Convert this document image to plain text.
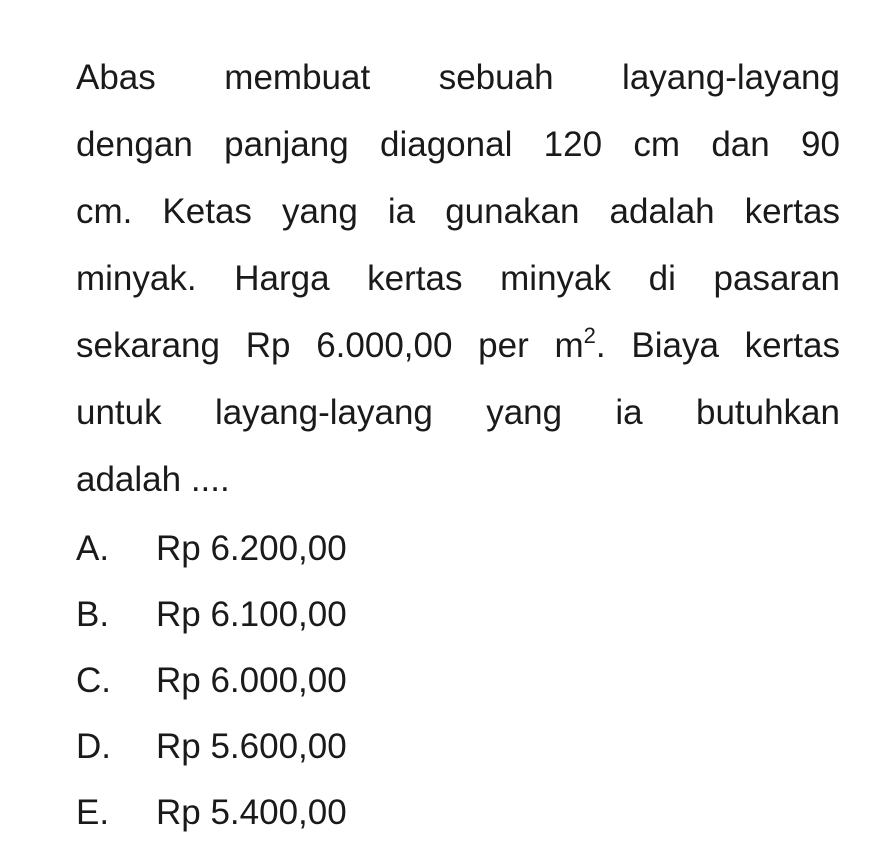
Abas membuat sebuah layang-layang
dengan panjang diagonal 120 cm dan 90
cm. Ketas yang ia gunakan adalah kertas
minyak. Harga kertas minyak di pasaran
sekarang Rp 6.000,00 per $m^2$. Biaya kertas
untuk layang-layang yang ia butuhkan
adalah ....
A. Rp 6.200,00
B. Rp 6.100,00
C. Rp 6.000,00
D. Rp 5.600,00
E. Rp 5.400,00
